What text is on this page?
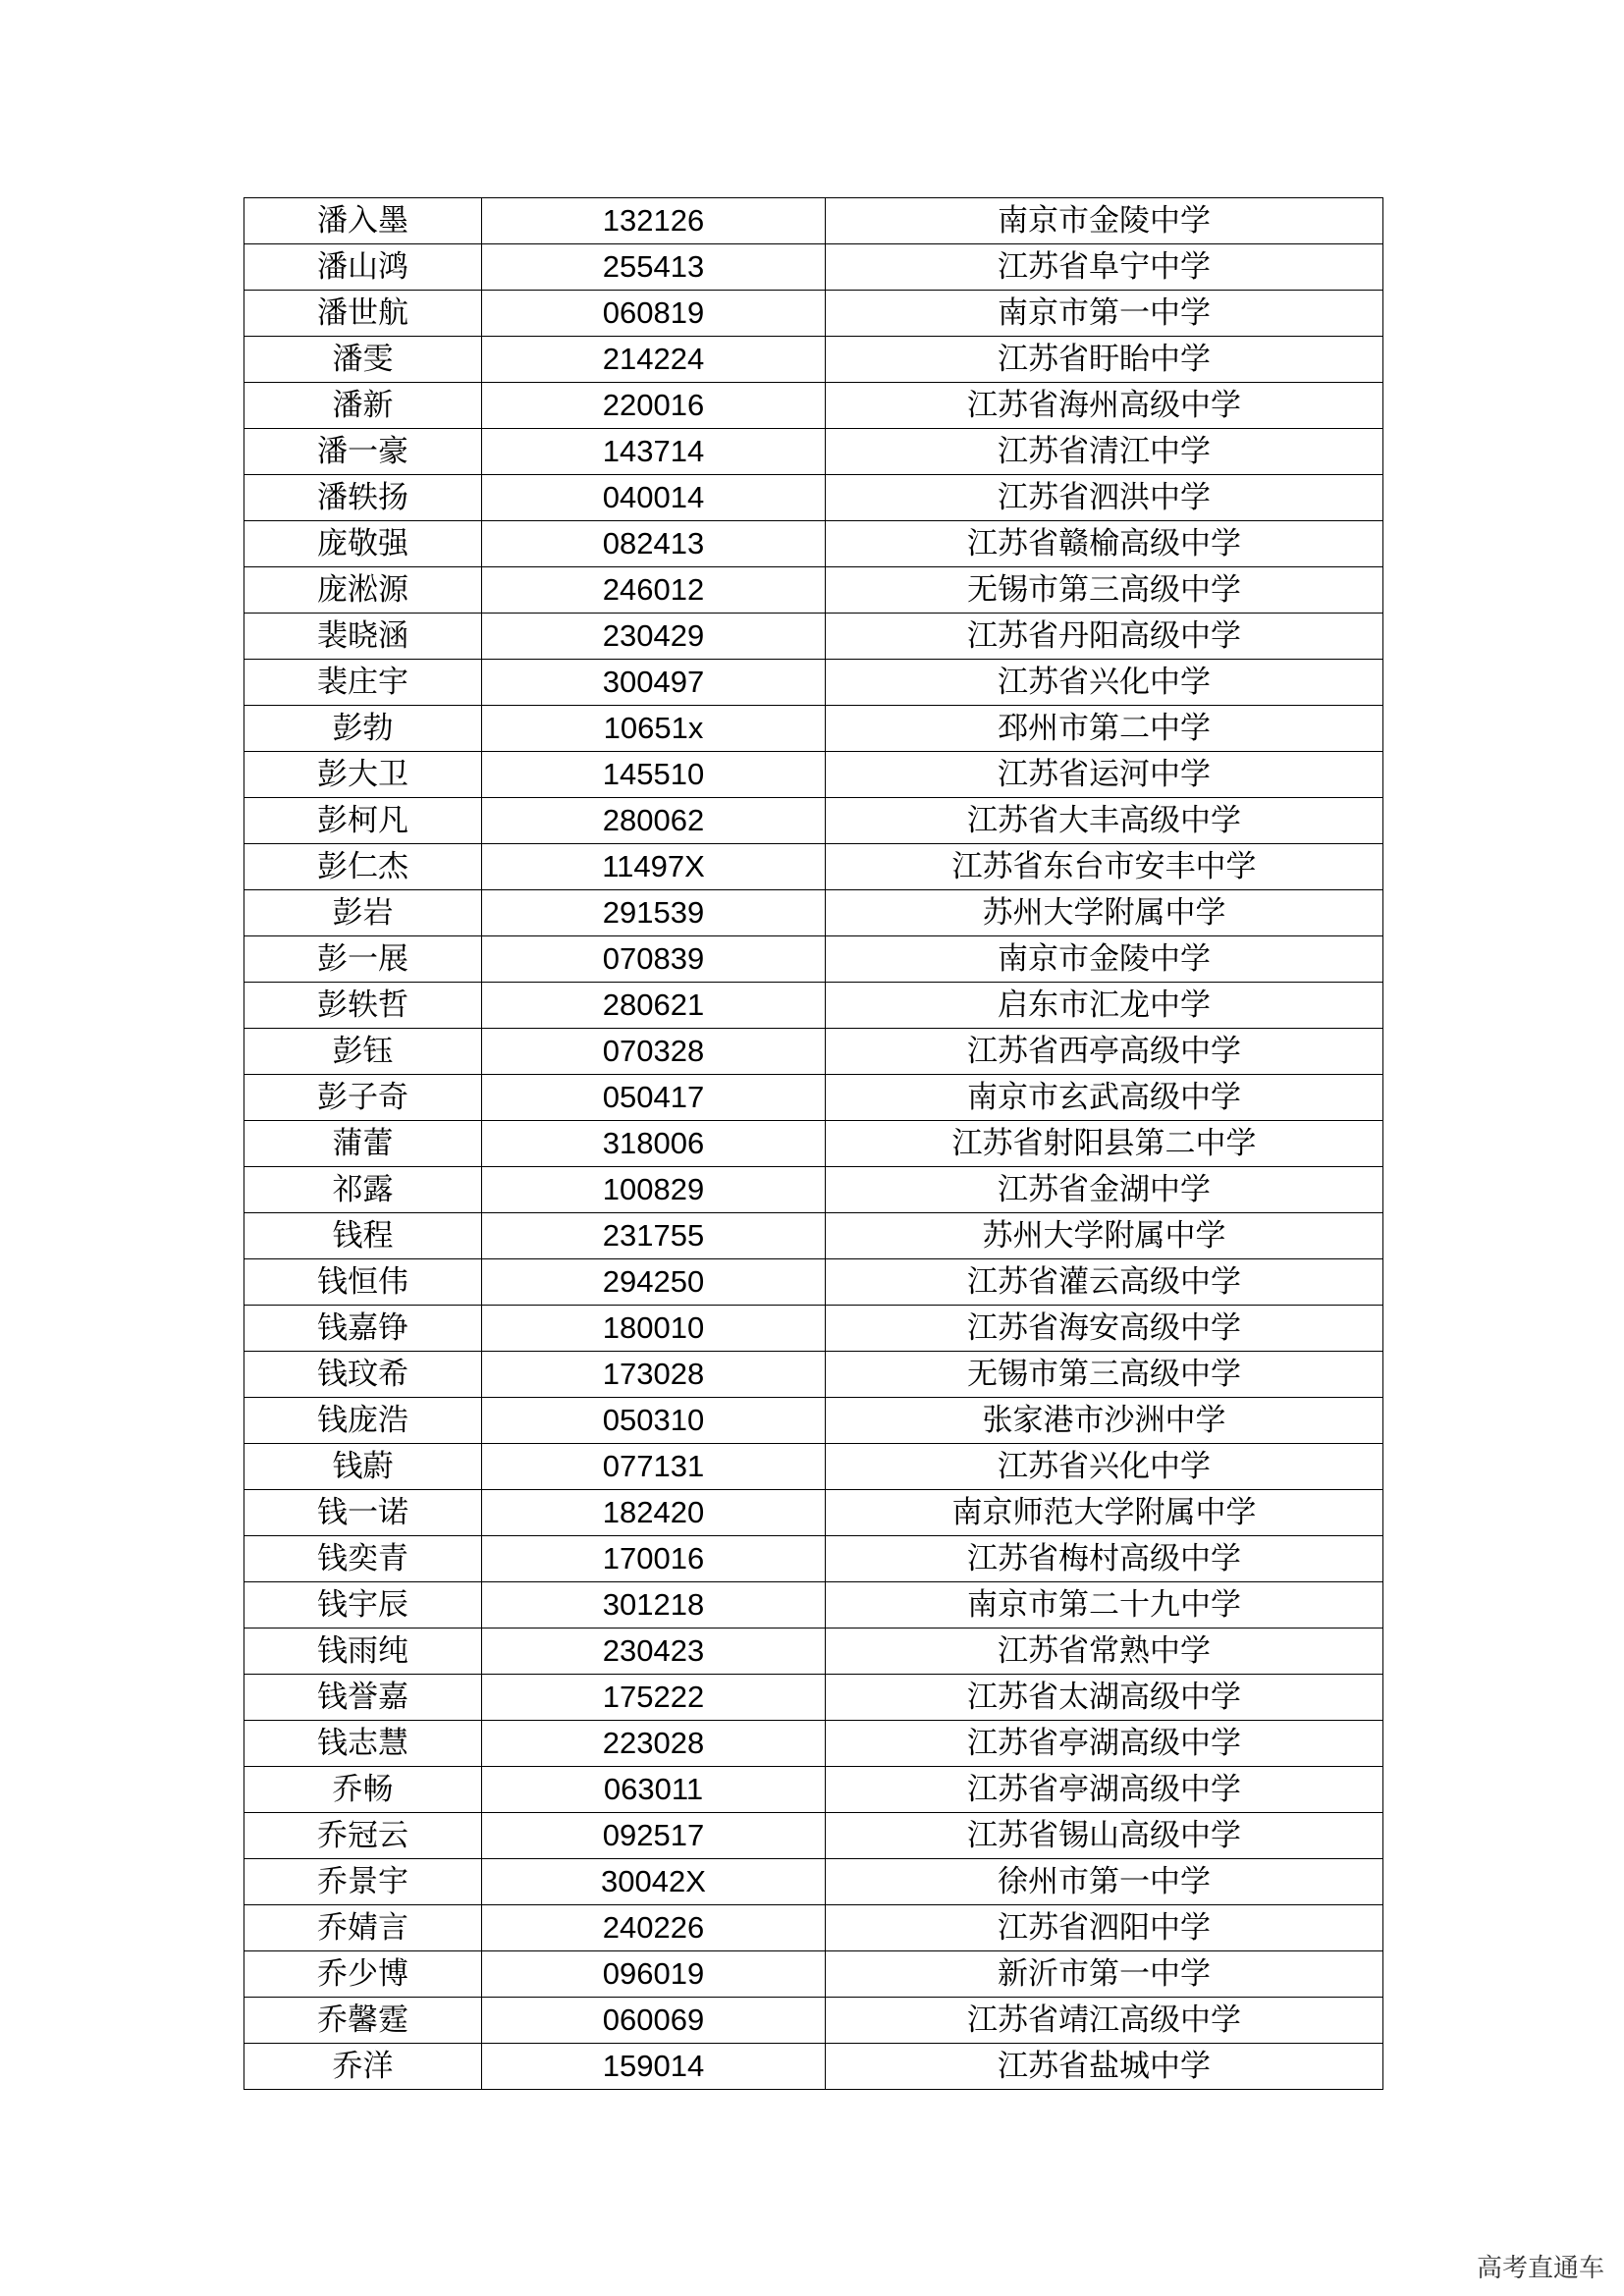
潘入墨	132126	南京市金陵中学
潘山鸿	255413	江苏省阜宁中学
潘世航	060819	南京市第一中学
潘雯	214224	江苏省盱眙中学
潘新	220016	江苏省海州高级中学
潘一豪	143714	江苏省清江中学
潘轶扬	040014	江苏省泗洪中学
庞敬强	082413	江苏省赣榆高级中学
庞淞源	246012	无锡市第三高级中学
裴晓涵	230429	江苏省丹阳高级中学
裴庄宇	300497	江苏省兴化中学
彭勃	10651x	邳州市第二中学
彭大卫	145510	江苏省运河中学
彭柯凡	280062	江苏省大丰高级中学
彭仁杰	11497X	江苏省东台市安丰中学
彭岩	291539	苏州大学附属中学
彭一展	070839	南京市金陵中学
彭轶哲	280621	启东市汇龙中学
彭钰	070328	江苏省西亭高级中学
彭子奇	050417	南京市玄武高级中学
蒲蕾	318006	江苏省射阳县第二中学
祁露	100829	江苏省金湖中学
钱程	231755	苏州大学附属中学
钱恒伟	294250	江苏省灌云高级中学
钱嘉铮	180010	江苏省海安高级中学
钱玟希	173028	无锡市第三高级中学
钱庞浩	050310	张家港市沙洲中学
钱蔚	077131	江苏省兴化中学
钱一诺	182420	南京师范大学附属中学
钱奕青	170016	江苏省梅村高级中学
钱宇辰	301218	南京市第二十九中学
钱雨纯	230423	江苏省常熟中学
钱誉嘉	175222	江苏省太湖高级中学
钱志慧	223028	江苏省亭湖高级中学
乔畅	063011	江苏省亭湖高级中学
乔冠云	092517	江苏省锡山高级中学
乔景宇	30042X	徐州市第一中学
乔婧言	240226	江苏省泗阳中学
乔少博	096019	新沂市第一中学
乔馨霆	060069	江苏省靖江高级中学
乔洋	159014	江苏省盐城中学
高考直通车
